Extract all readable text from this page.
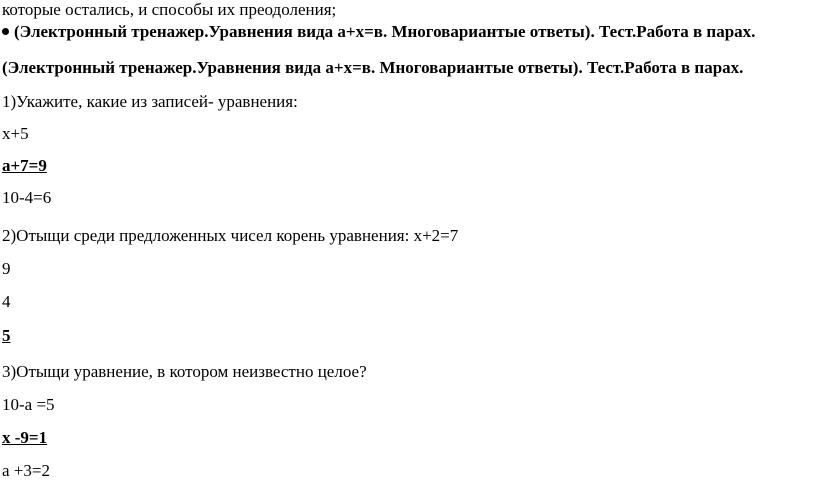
которые остались, и способы их преодоления;
(Электронный тренажер.Уравнения вида а+х=в. Многовариантые ответы). Тест.Работа в парах.
(Электронный тренажер.Уравнения вида а+х=в. Многовариантые ответы). Тест.Работа в парах.
1)Укажите, какие из записей- уравнения:
х+5
а+7=9
10-4=6
2)Отыщи среди предложенных чисел корень уравнения: х+2=7
9
4
5
3)Отыщи уравнение, в котором неизвестно целое?
10-а =5
х -9=1
а +3=2
